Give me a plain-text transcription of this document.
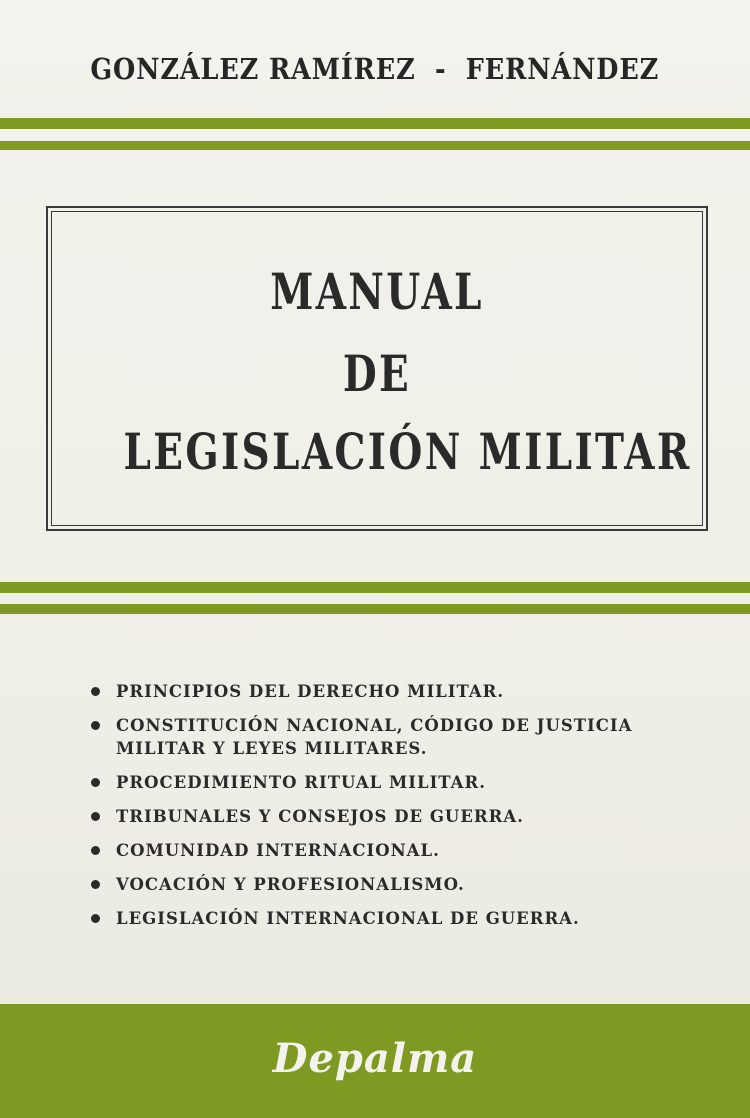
GONZÁLEZ RAMÍREZ - FERNÁNDEZ
MANUAL
DE
LEGISLACIÓN MILITAR
PRINCIPIOS DEL DERECHO MILITAR.
CONSTITUCIÓN NACIONAL, CÓDIGO DE JUSTICIA
MILITAR Y LEYES MILITARES.
PROCEDIMIENTO RITUAL MILITAR.
TRIBUNALES Y CONSEJOS DE GUERRA.
COMUNIDAD INTERNACIONAL.
VOCACIÓN Y PROFESIONALISMO.
LEGISLACIÓN INTERNACIONAL DE GUERRA.
Depalma
